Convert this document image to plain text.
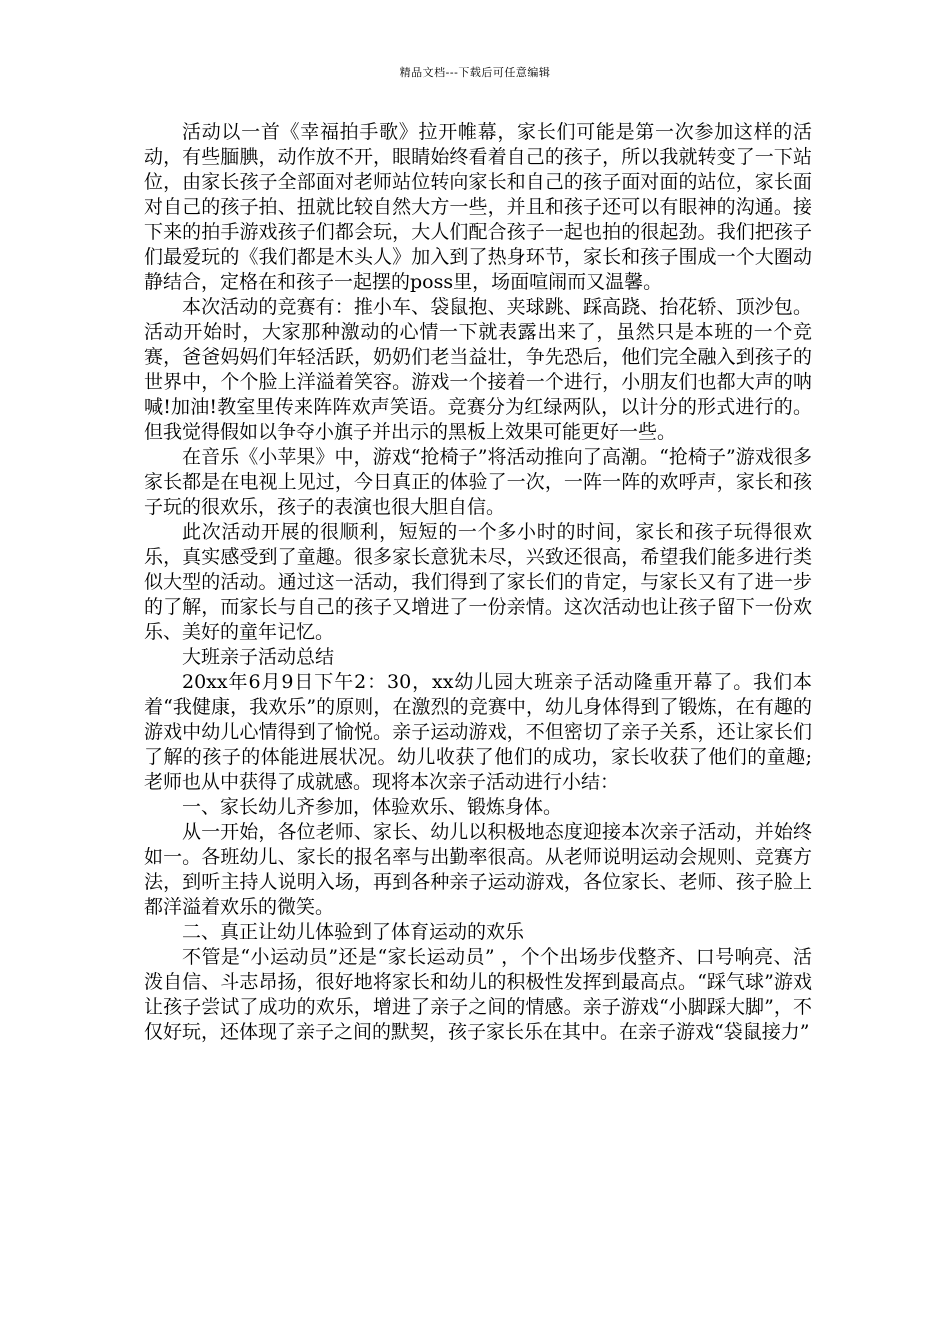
精品文档---下载后可任意编辑

活动以一首《幸福拍手歌》拉开帷幕，家长们可能是第一次参加这样的活动，有些腼腆，动作放不开，眼睛始终看着自己的孩子，所以我就转变了一下站位，由家长孩子全部面对老师站位转向家长和自己的孩子面对面的站位，家长面对自己的孩子拍、扭就比较自然大方一些，并且和孩子还可以有眼神的沟通。接下来的拍手游戏孩子们都会玩，大人们配合孩子一起也拍的很起劲。我们把孩子们最爱玩的《我们都是木头人》加入到了热身环节，家长和孩子围成一个大圈动静结合，定格在和孩子一起摆的poss里，场面喧闹而又温馨。

本次活动的竞赛有：推小车、袋鼠抱、夹球跳、踩高跷、抬花轿、顶沙包。活动开始时，大家那种激动的心情一下就表露出来了，虽然只是本班的一个竞赛，爸爸妈妈们年轻活跃，奶奶们老当益壮，争先恐后，他们完全融入到孩子的世界中，个个脸上洋溢着笑容。游戏一个接着一个进行，小朋友们也都大声的呐喊!加油!教室里传来阵阵欢声笑语。竞赛分为红绿两队，以计分的形式进行的。但我觉得假如以争夺小旗子并出示的黑板上效果可能更好一些。

在音乐《小苹果》中，游戏“抢椅子”将活动推向了高潮。“抢椅子”游戏很多家长都是在电视上见过，今日真正的体验了一次，一阵一阵的欢呼声，家长和孩子玩的很欢乐，孩子的表演也很大胆自信。

此次活动开展的很顺利，短短的一个多小时的时间，家长和孩子玩得很欢乐，真实感受到了童趣。很多家长意犹未尽，兴致还很高，希望我们能多进行类似大型的活动。通过这一活动，我们得到了家长们的肯定，与家长又有了进一步的了解，而家长与自己的孩子又增进了一份亲情。这次活动也让孩子留下一份欢乐、美好的童年记忆。

大班亲子活动总结

20xx年6月9日下午2：30，xx幼儿园大班亲子活动隆重开幕了。我们本着“我健康，我欢乐”的原则，在激烈的竞赛中，幼儿身体得到了锻炼，在有趣的游戏中幼儿心情得到了愉悦。亲子运动游戏，不但密切了亲子关系，还让家长们了解的孩子的体能进展状况。幼儿收获了他们的成功，家长收获了他们的童趣;老师也从中获得了成就感。现将本次亲子活动进行小结：

一、家长幼儿齐参加，体验欢乐、锻炼身体。

从一开始，各位老师、家长、幼儿以积极地态度迎接本次亲子活动，并始终如一。各班幼儿、家长的报名率与出勤率很高。从老师说明运动会规则、竞赛方法，到听主持人说明入场，再到各种亲子运动游戏，各位家长、老师、孩子脸上都洋溢着欢乐的微笑。

二、真正让幼儿体验到了体育运动的欢乐

不管是“小运动员”还是“家长运动员” ，个个出场步伐整齐、口号响亮、活泼自信、斗志昂扬，很好地将家长和幼儿的积极性发挥到最高点。“踩气球”游戏让孩子尝试了成功的欢乐，增进了亲子之间的情感。亲子游戏“小脚踩大脚”，不仅好玩，还体现了亲子之间的默契，孩子家长乐在其中。在亲子游戏“袋鼠接力”
